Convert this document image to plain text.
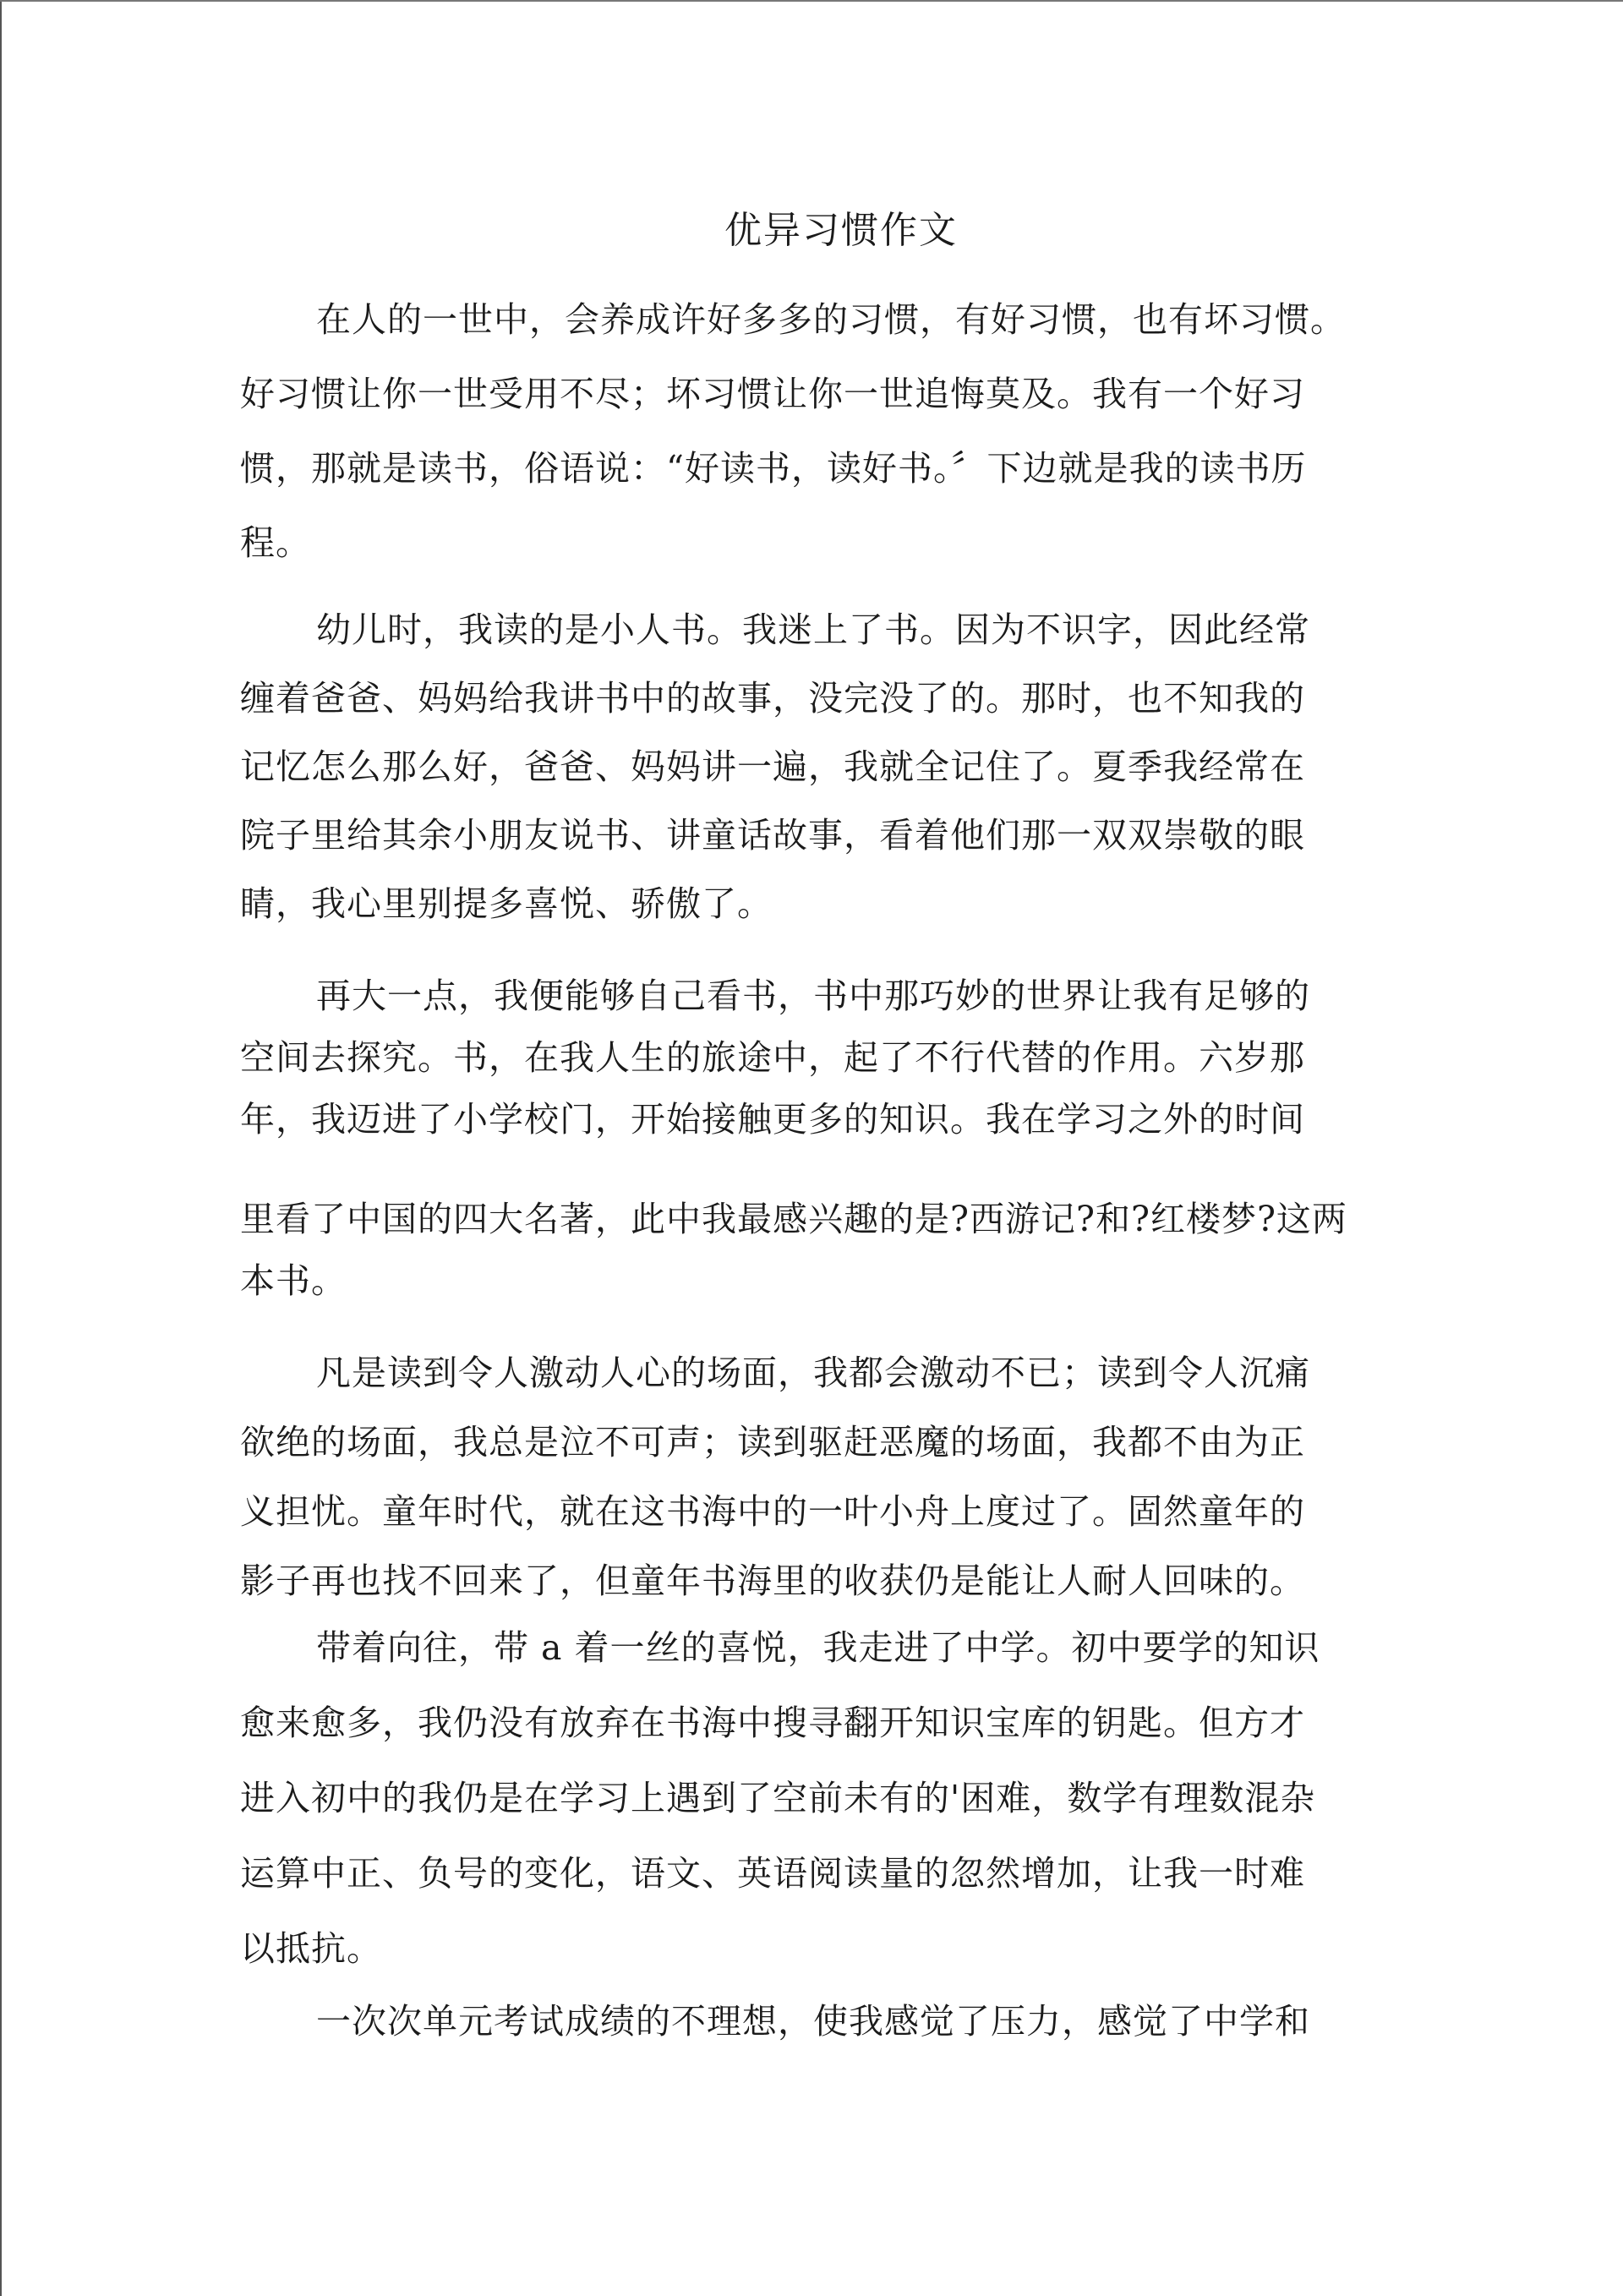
优异习惯作文
在人的一世中，会养成许好多多的习惯，有好习惯，也有坏习惯。
好习惯让你一世受用不尽；坏习惯让你一世追悔莫及。我有一个好习
惯，那就是读书，俗语说：“好读书，读好书。〞下边就是我的读书历
程。
幼儿时，我读的是小人书。我迷上了书。因为不识字，因此经常
缠着爸爸、妈妈给我讲书中的故事，没完没了的。那时，也不知我的
记忆怎么那么好，爸爸、妈妈讲一遍，我就全记住了。夏季我经常在
院子里给其余小朋友说书、讲童话故事，看着他们那一双双崇敬的眼
睛，我心里别提多喜悦、骄傲了。
再大一点，我便能够自己看书，书中那巧妙的世界让我有足够的
空间去探究。书，在我人生的旅途中，起了不行代替的作用。六岁那
年，我迈进了小学校门，开始接触更多的知识。我在学习之外的时间
里看了中国的四大名著，此中我最感兴趣的是?西游记?和?红楼梦?这两
本书。
凡是读到令人激动人心的场面，我都会激动不已；读到令人沉痛
欲绝的场面，我总是泣不可声；读到驱赶恶魔的场面，我都不由为正
义担忧。童年时代，就在这书海中的一叶小舟上度过了。固然童年的
影子再也找不回来了，但童年书海里的收获仍是能让人耐人回味的。
带着向往，带 a 着一丝的喜悦，我走进了中学。初中要学的知识
愈来愈多，我仍没有放弃在书海中搜寻翻开知识宝库的钥匙。但方才
进入初中的我仍是在学习上遇到了空前未有的'困难，数学有理数混杂
运算中正、负号的变化，语文、英语阅读量的忽然增加，让我一时难
以抵抗。
一次次单元考试成绩的不理想，使我感觉了压力，感觉了中学和
